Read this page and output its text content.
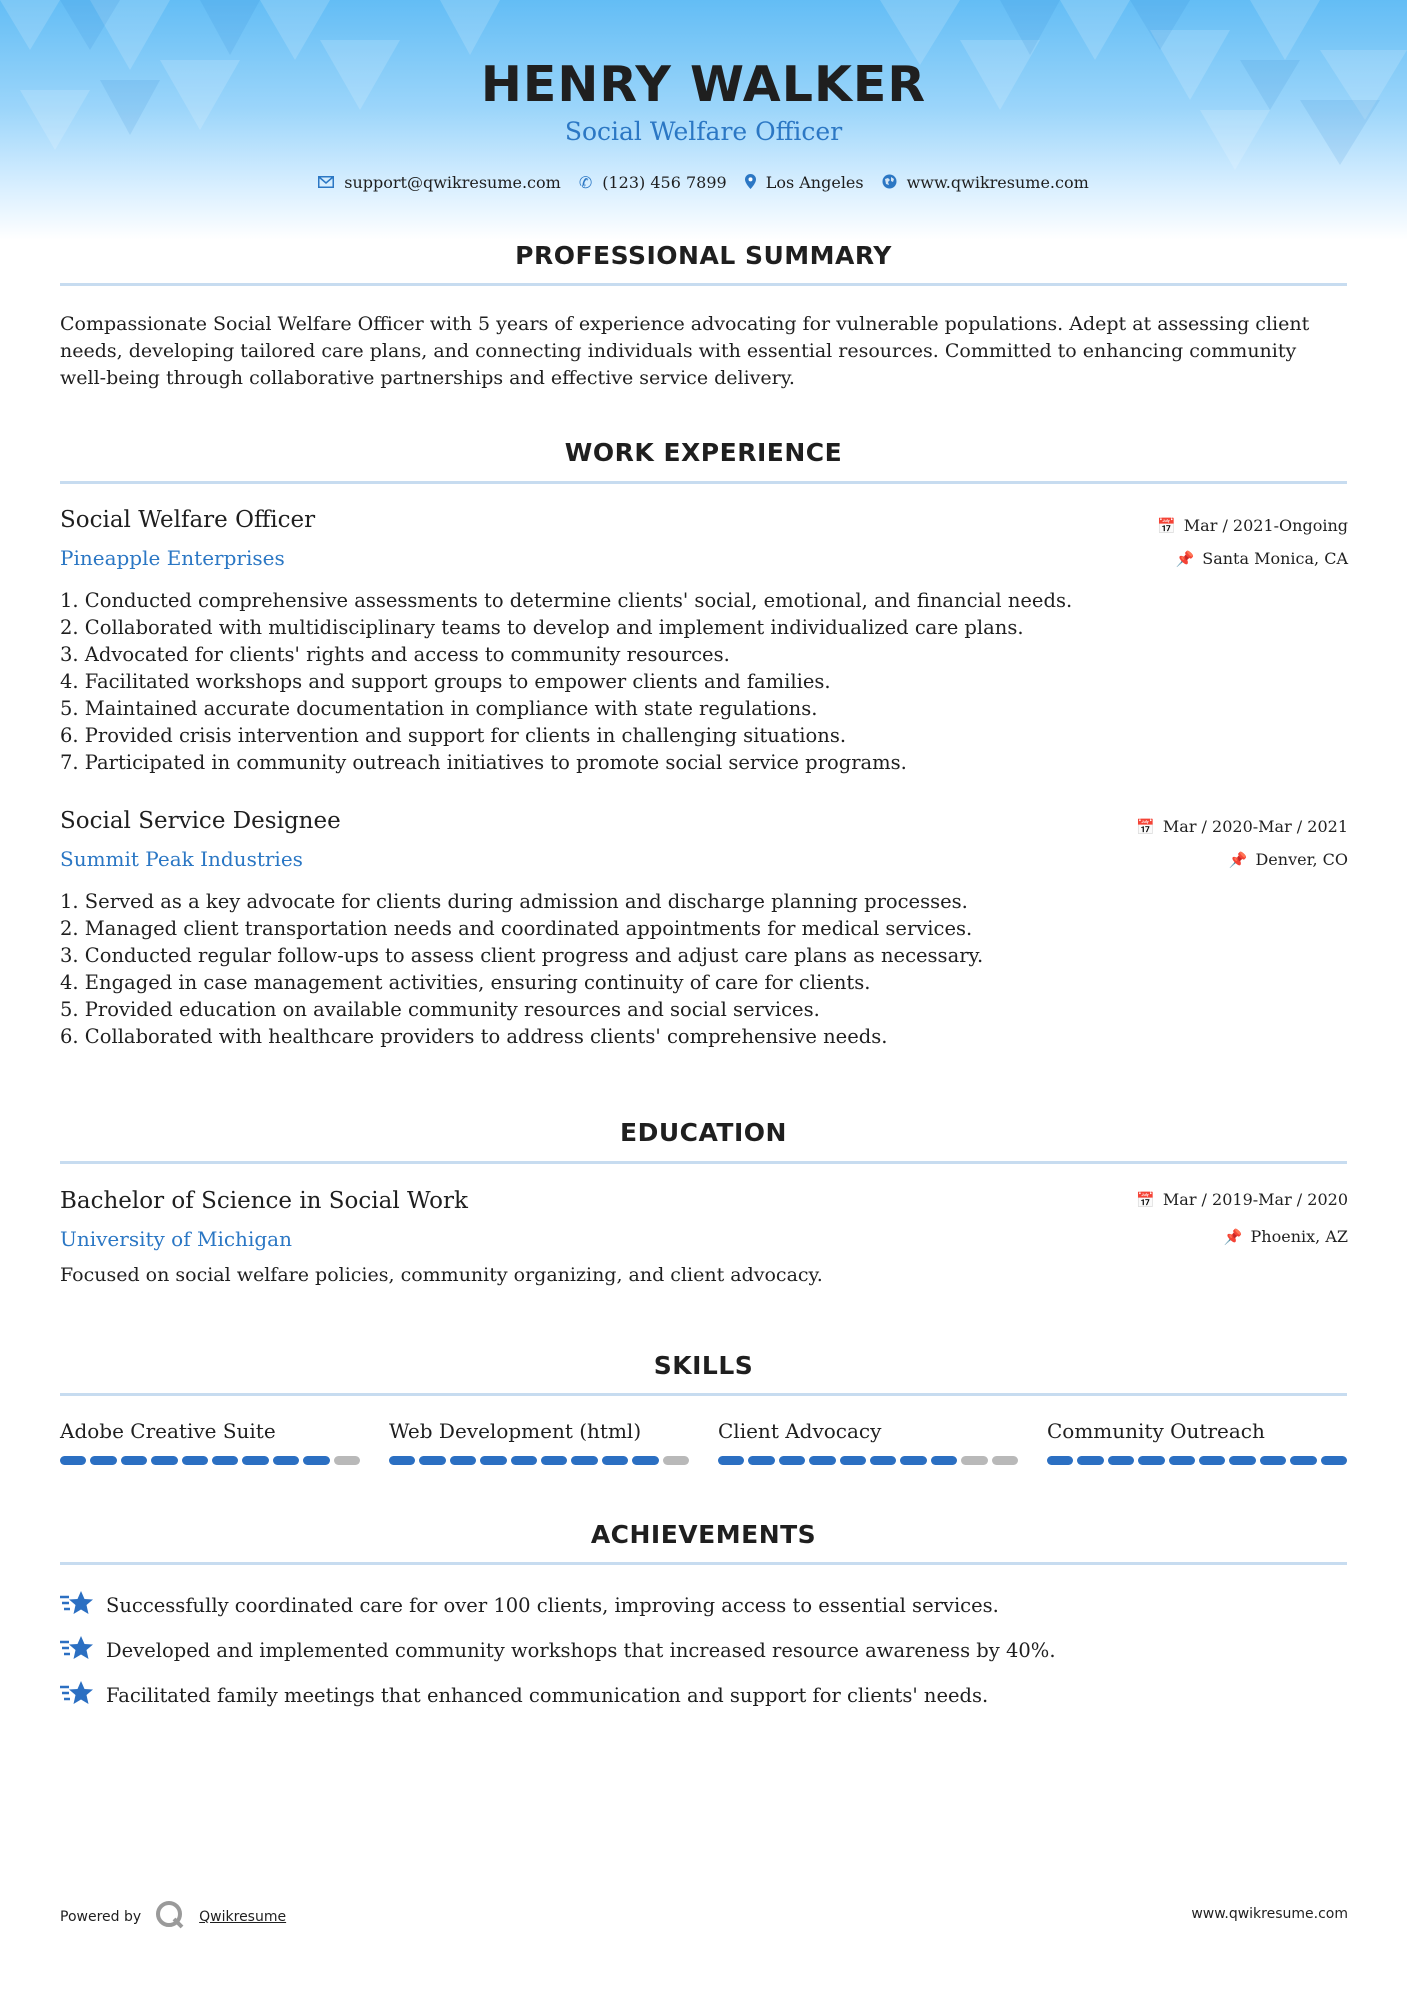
HENRY WALKER
Social Welfare Officer
support@qwikresume.com ✆ (123) 456 7899 Los Angeles	www.qwikresume.com
PROFESSIONAL SUMMARY
Compassionate Social Welfare Officer with 5 years of experience advocating for vulnerable populations. Adept at assessing client needs, developing tailored care plans, and connecting individuals with essential resources. Committed to enhancing community well-being through collaborative partnerships and effective service delivery.
WORK EXPERIENCE
Social Welfare Officer
Pineapple Enterprises
📅 Mar / 2021-Ongoing
📌 Santa Monica, CA
1. Conducted comprehensive assessments to determine clients' social, emotional, and financial needs.
2. Collaborated with multidisciplinary teams to develop and implement individualized care plans.
3. Advocated for clients' rights and access to community resources.
4. Facilitated workshops and support groups to empower clients and families.
5. Maintained accurate documentation in compliance with state regulations.
6. Provided crisis intervention and support for clients in challenging situations.
7. Participated in community outreach initiatives to promote social service programs.
Social Service Designee
Summit Peak Industries
📅 Mar / 2020-Mar / 2021
📌 Denver, CO
1. Served as a key advocate for clients during admission and discharge planning processes.
2. Managed client transportation needs and coordinated appointments for medical services.
3. Conducted regular follow-ups to assess client progress and adjust care plans as necessary.
4. Engaged in case management activities, ensuring continuity of care for clients.
5. Provided education on available community resources and social services.
6. Collaborated with healthcare providers to address clients' comprehensive needs.
EDUCATION
Bachelor of Science in Social Work
University of Michigan
📅 Mar / 2019-Mar / 2020
📌 Phoenix, AZ
Focused on social welfare policies, community organizing, and client advocacy.
SKILLS
Adobe Creative Suite	Web Development (html)	Client Advocacy	Community Outreach
ACHIEVEMENTS
Successfully coordinated care for over 100 clients, improving access to essential services.
Developed and implemented community workshops that increased resource awareness by 40%.
Facilitated family meetings that enhanced communication and support for clients' needs.
Powered by	Qwikresume	www.qwikresume.com
